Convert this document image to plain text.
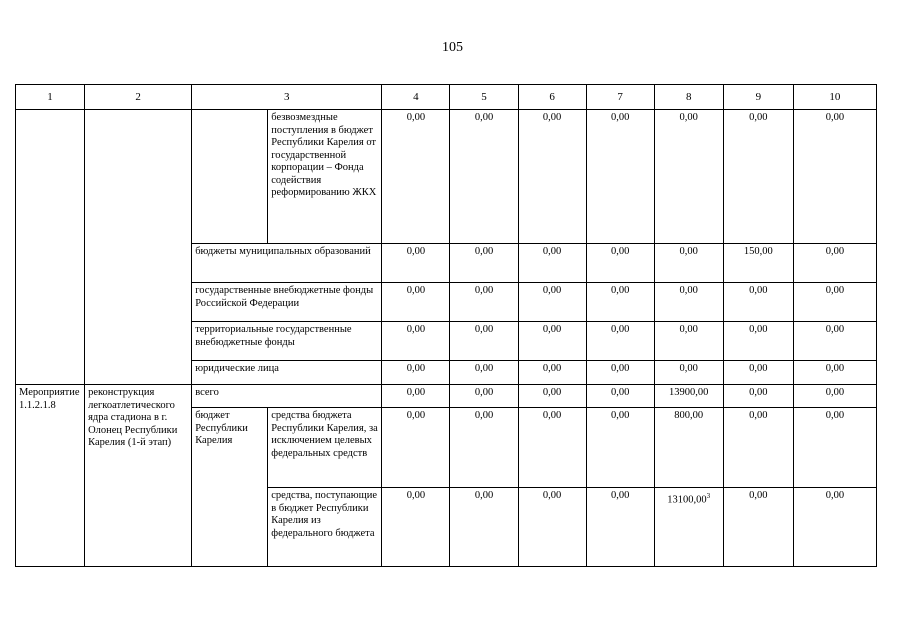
105
1	2	3		4	5	6	7	8	9	10
			безвозмездные поступления в бюджет Республики Карелия от государственной корпорации – Фонда содействия реформированию ЖКХ	0,00	0,00	0,00	0,00	0,00	0,00	0,00
		бюджеты муниципальных образований		0,00	0,00	0,00	0,00	0,00	150,00	0,00
		государственные внебюджетные фонды Российской Федерации		0,00	0,00	0,00	0,00	0,00	0,00	0,00
		территориальные государственные внебюджетные фонды		0,00	0,00	0,00	0,00	0,00	0,00	0,00
		юридические лица		0,00	0,00	0,00	0,00	0,00	0,00	0,00
Мероприятие 1.1.2.1.8	реконструкция легкоатлетического ядра стадиона в г. Олонец Республики Карелия (1-й этап)	всего		0,00	0,00	0,00	0,00	13900,00	0,00	0,00
		бюджет Республики Карелия	средства бюджета Республики Карелия, за исключением целевых федеральных средств	0,00	0,00	0,00	0,00	800,00	0,00	0,00
			средства, поступающие в бюджет Республики Карелия из федерального бюджета	0,00	0,00	0,00	0,00	13100,00$^3$	0,00	0,00
